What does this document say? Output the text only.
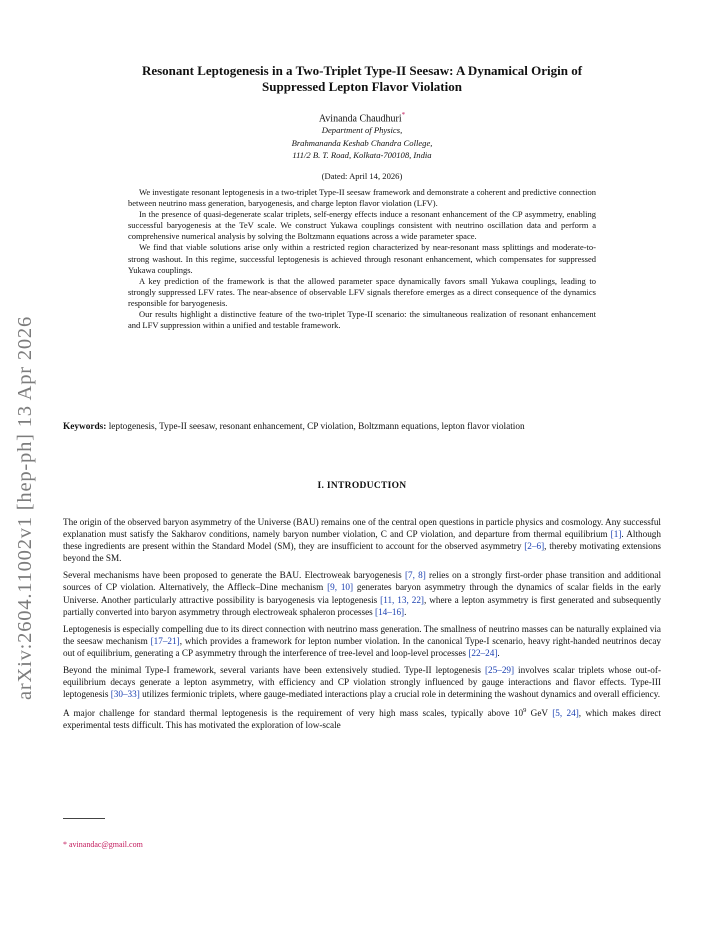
arXiv:2604.11002v1 [hep-ph] 13 Apr 2026
Resonant Leptogenesis in a Two-Triplet Type-II Seesaw: A Dynamical Origin of
Suppressed Lepton Flavor Violation
Avinanda Chaudhuri*
Department of Physics,
Brahmananda Keshab Chandra College,
111/2 B. T. Road, Kolkata-700108, India
(Dated: April 14, 2026)

We investigate resonant leptogenesis in a two-triplet Type-II seesaw framework and demonstrate a coherent and predictive connection between neutrino mass generation, baryogenesis, and charge lepton flavor violation (LFV).

In the presence of quasi-degenerate scalar triplets, self-energy effects induce a resonant enhancement of the CP asymmetry, enabling successful baryogenesis at the TeV scale. We construct Yukawa couplings consistent with neutrino oscillation data and perform a comprehensive numerical analysis by solving the Boltzmann equations across a wide parameter space.

We find that viable solutions arise only within a restricted region characterized by near-resonant mass splittings and moderate-to-strong washout. In this regime, successful leptogenesis is achieved through resonant enhancement, which compensates for suppressed Yukawa couplings.

A key prediction of the framework is that the allowed parameter space dynamically favors small Yukawa couplings, leading to strongly suppressed LFV rates. The near-absence of observable LFV signals therefore emerges as a direct consequence of the dynamics responsible for baryogenesis.

Our results highlight a distinctive feature of the two-triplet Type-II scenario: the simultaneous realization of resonant enhancement and LFV suppression within a unified and testable framework.

Keywords: leptogenesis, Type-II seesaw, resonant enhancement, CP violation, Boltzmann equations, lepton flavor violation
I. INTRODUCTION

The origin of the observed baryon asymmetry of the Universe (BAU) remains one of the central open questions in particle physics and cosmology. Any successful explanation must satisfy the Sakharov conditions, namely baryon number violation, C and CP violation, and departure from thermal equilibrium [1]. Although these ingredients are present within the Standard Model (SM), they are insufficient to account for the observed asymmetry [2–6], thereby motivating extensions beyond the SM.

Several mechanisms have been proposed to generate the BAU. Electroweak baryogenesis [7, 8] relies on a strongly first-order phase transition and additional sources of CP violation. Alternatively, the Affleck–Dine mechanism [9, 10] generates baryon asymmetry through the dynamics of scalar fields in the early Universe. Another particularly attractive possibility is baryogenesis via leptogenesis [11, 13, 22], where a lepton asymmetry is first generated and subsequently partially converted into baryon asymmetry through electroweak sphaleron processes [14–16].

Leptogenesis is especially compelling due to its direct connection with neutrino mass generation. The smallness of neutrino masses can be naturally explained via the seesaw mechanism [17–21], which provides a framework for lepton number violation. In the canonical Type-I scenario, heavy right-handed neutrinos decay out of equilibrium, generating a CP asymmetry through the interference of tree-level and loop-level processes [22–24].

Beyond the minimal Type-I framework, several variants have been extensively studied. Type-II leptogenesis [25–29] involves scalar triplets whose out-of-equilibrium decays generate a lepton asymmetry, with efficiency and CP violation strongly influenced by gauge interactions and flavor effects. Type-III leptogenesis [30–33] utilizes fermionic triplets, where gauge-mediated interactions play a crucial role in determining the washout dynamics and overall efficiency.

A major challenge for standard thermal leptogenesis is the requirement of very high mass scales, typically above $10^9$ GeV [5, 24], which makes direct experimental tests difficult. This has motivated the exploration of low-scale

* avinandac@gmail.com
